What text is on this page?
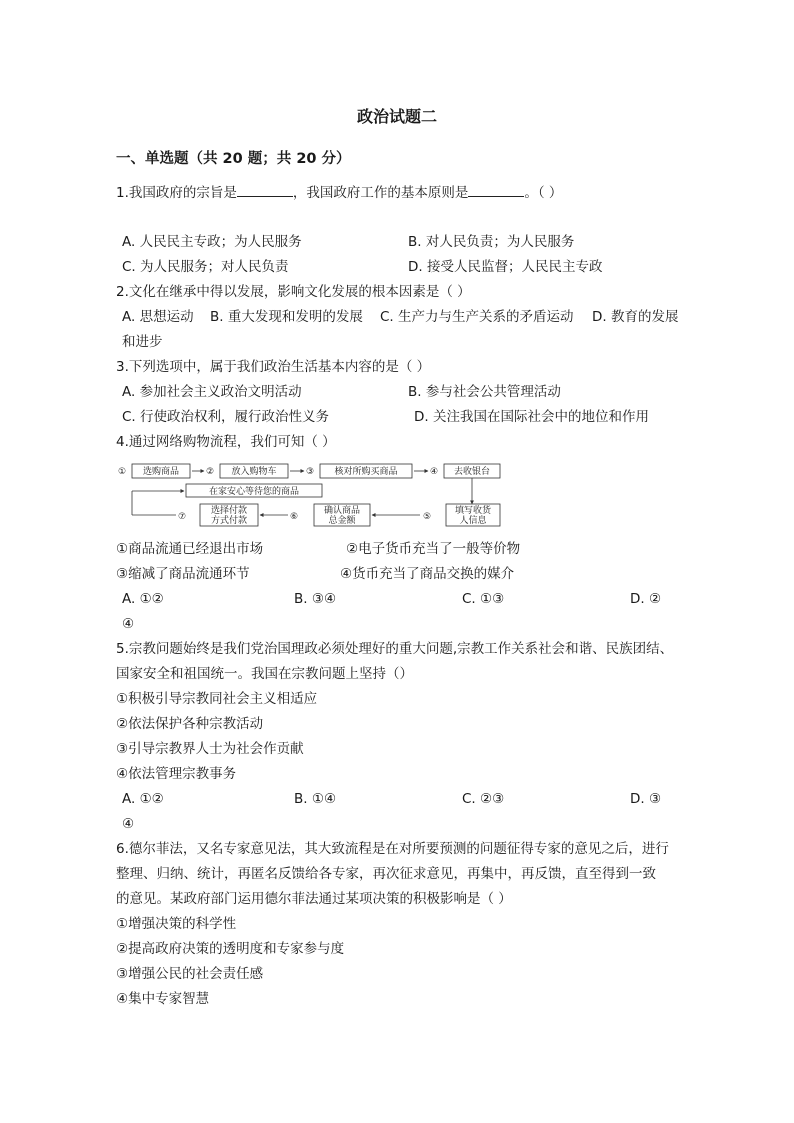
政治试题二
一、单选题（共 20 题；共 20 分）
1.我国政府的宗旨是	，我国政府工作的基本原则是	。（ ）
A. 人民民主专政；为人民服务	B. 对人民负责；为人民服务
C. 为人民服务；对人民负责	D. 接受人民监督；人民民主专政
2.文化在继承中得以发展，影响文化发展的根本因素是（ ）
A. 思想运动 B. 重大发现和发明的发展 C. 生产力与生产关系的矛盾运动 D. 教育的发展
和进步
3.下列选项中，属于我们政治生活基本内容的是（ ）
A. 参加社会主义政治文明活动	B. 参与社会公共管理活动
C. 行使政治权利，履行政治性义务	D. 关注我国在国际社会中的地位和作用
4.通过网络购物流程，我们可知（ ）
① 选购商品	② 放入购物车	③ 核对所购买商品	④ 去收银台
填写收货
人信息
⑤
确认商品
总金额
⑥
选择付款
方式付款
⑦
在家安心等待您的商品
①商品流通已经退出市场	②电子货币充当了一般等价物
③缩减了商品流通环节	④货币充当了商品交换的媒介
A. ①②	B. ③④	C. ①③	D. ②
④
5.宗教问题始终是我们党治国理政必须处理好的重大问题,宗教工作关系社会和谐、民族团结、
国家安全和祖国统一。我国在宗教问题上坚持（）
①积极引导宗教同社会主义相适应
②依法保护各种宗教活动
③引导宗教界人士为社会作贡献
④依法管理宗教事务
A. ①②	B. ①④	C. ②③	D. ③
④
6.德尔菲法，又名专家意见法，其大致流程是在对所要预测的问题征得专家的意见之后，进行
整理、归纳、统计，再匿名反馈给各专家，再次征求意见，再集中，再反馈，直至得到一致
的意见。某政府部门运用德尔菲法通过某项决策的积极影响是（ ）
①增强决策的科学性
②提高政府决策的透明度和专家参与度
③增强公民的社会责任感
④集中专家智慧
